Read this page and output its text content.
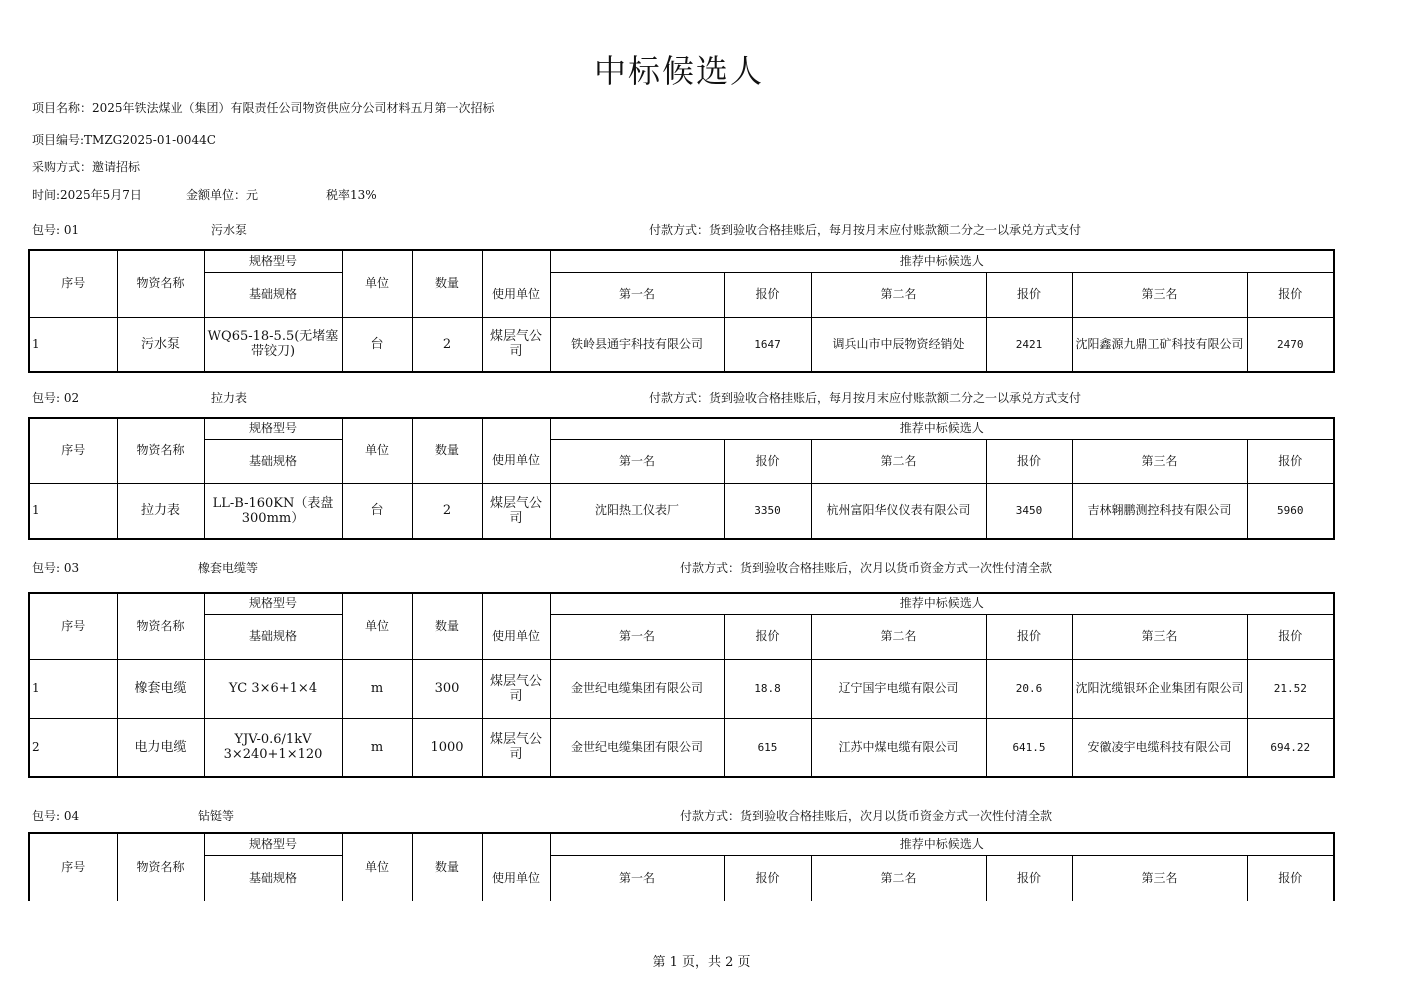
中标候选人
项目名称：2025年铁法煤业（集团）有限责任公司物资供应分公司材料五月第一次招标
项目编号:TMZG2025-01-0044C
采购方式：邀请招标
时间:2025年5月7日	金额单位：元	税率13%
包号: 01	污水泵	付款方式：货到验收合格挂账后，每月按月末应付账款额二分之一以承兑方式支付
序号	物资名称	规格型号	单位	数量		推荐中标候选人					
		基础规格			使用单位	第一名	报价	第二名	报价	第三名	报价
1	污水泵	WQ65-18-5.5(无堵塞带铰刀)	台	2	煤层气公司	铁岭县通宇科技有限公司	1647	调兵山市中辰物资经销处	2421	沈阳鑫源九鼎工矿科技有限公司	2470
包号: 02	拉力表	付款方式：货到验收合格挂账后，每月按月末应付账款额二分之一以承兑方式支付
序号	物资名称	规格型号	单位	数量		推荐中标候选人					
		基础规格			使用单位	第一名	报价	第二名	报价	第三名	报价
1	拉力表	LL-B-160KN（表盘300mm）	台	2	煤层气公司	沈阳热工仪表厂	3350	杭州富阳华仪仪表有限公司	3450	吉林翱鹏测控科技有限公司	5960
包号: 03	橡套电缆等	付款方式：货到验收合格挂账后，次月以货币资金方式一次性付清全款
序号	物资名称	规格型号	单位	数量		推荐中标候选人					
		基础规格			使用单位	第一名	报价	第二名	报价	第三名	报价
1	橡套电缆	YC 3×6+1×4	m	300	煤层气公司	金世纪电缆集团有限公司	18.8	辽宁国宇电缆有限公司	20.6	沈阳沈缆银环企业集团有限公司	21.52
2	电力电缆	YJV-0.6/1kV 3×240+1×120	m	1000	煤层气公司	金世纪电缆集团有限公司	615	江苏中煤电缆有限公司	641.5	安徽凌宇电缆科技有限公司	694.22
包号: 04	钻铤等	付款方式：货到验收合格挂账后，次月以货币资金方式一次性付清全款
序号	物资名称	规格型号	单位	数量		推荐中标候选人					
		基础规格			使用单位	第一名	报价	第二名	报价	第三名	报价
第 1 页，共 2 页
